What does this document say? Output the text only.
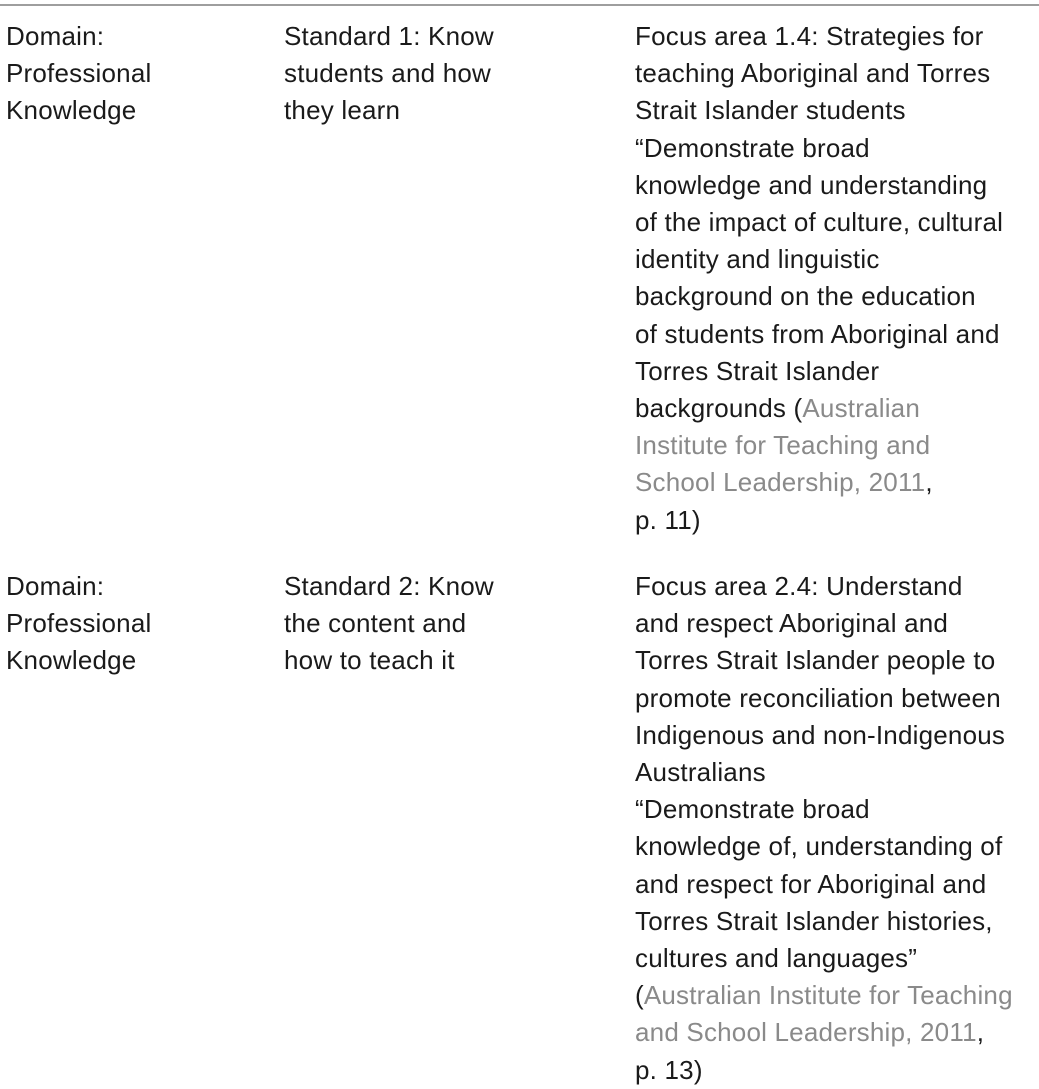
Domain:
Professional
Knowledge
Standard 1: Know
students and how
they learn
Focus area 1.4: Strategies for
teaching Aboriginal and Torres
Strait Islander students
“Demonstrate broad
knowledge and understanding
of the impact of culture, cultural
identity and linguistic
background on the education
of students from Aboriginal and
Torres Strait Islander
backgrounds (Australian
Institute for Teaching and
School Leadership, 2011,
p. 11)
Domain:
Professional
Knowledge
Standard 2: Know
the content and
how to teach it
Focus area 2.4: Understand
and respect Aboriginal and
Torres Strait Islander people to
promote reconciliation between
Indigenous and non-Indigenous
Australians
“Demonstrate broad
knowledge of, understanding of
and respect for Aboriginal and
Torres Strait Islander histories,
cultures and languages”
(Australian Institute for Teaching
and School Leadership, 2011,
p. 13)
